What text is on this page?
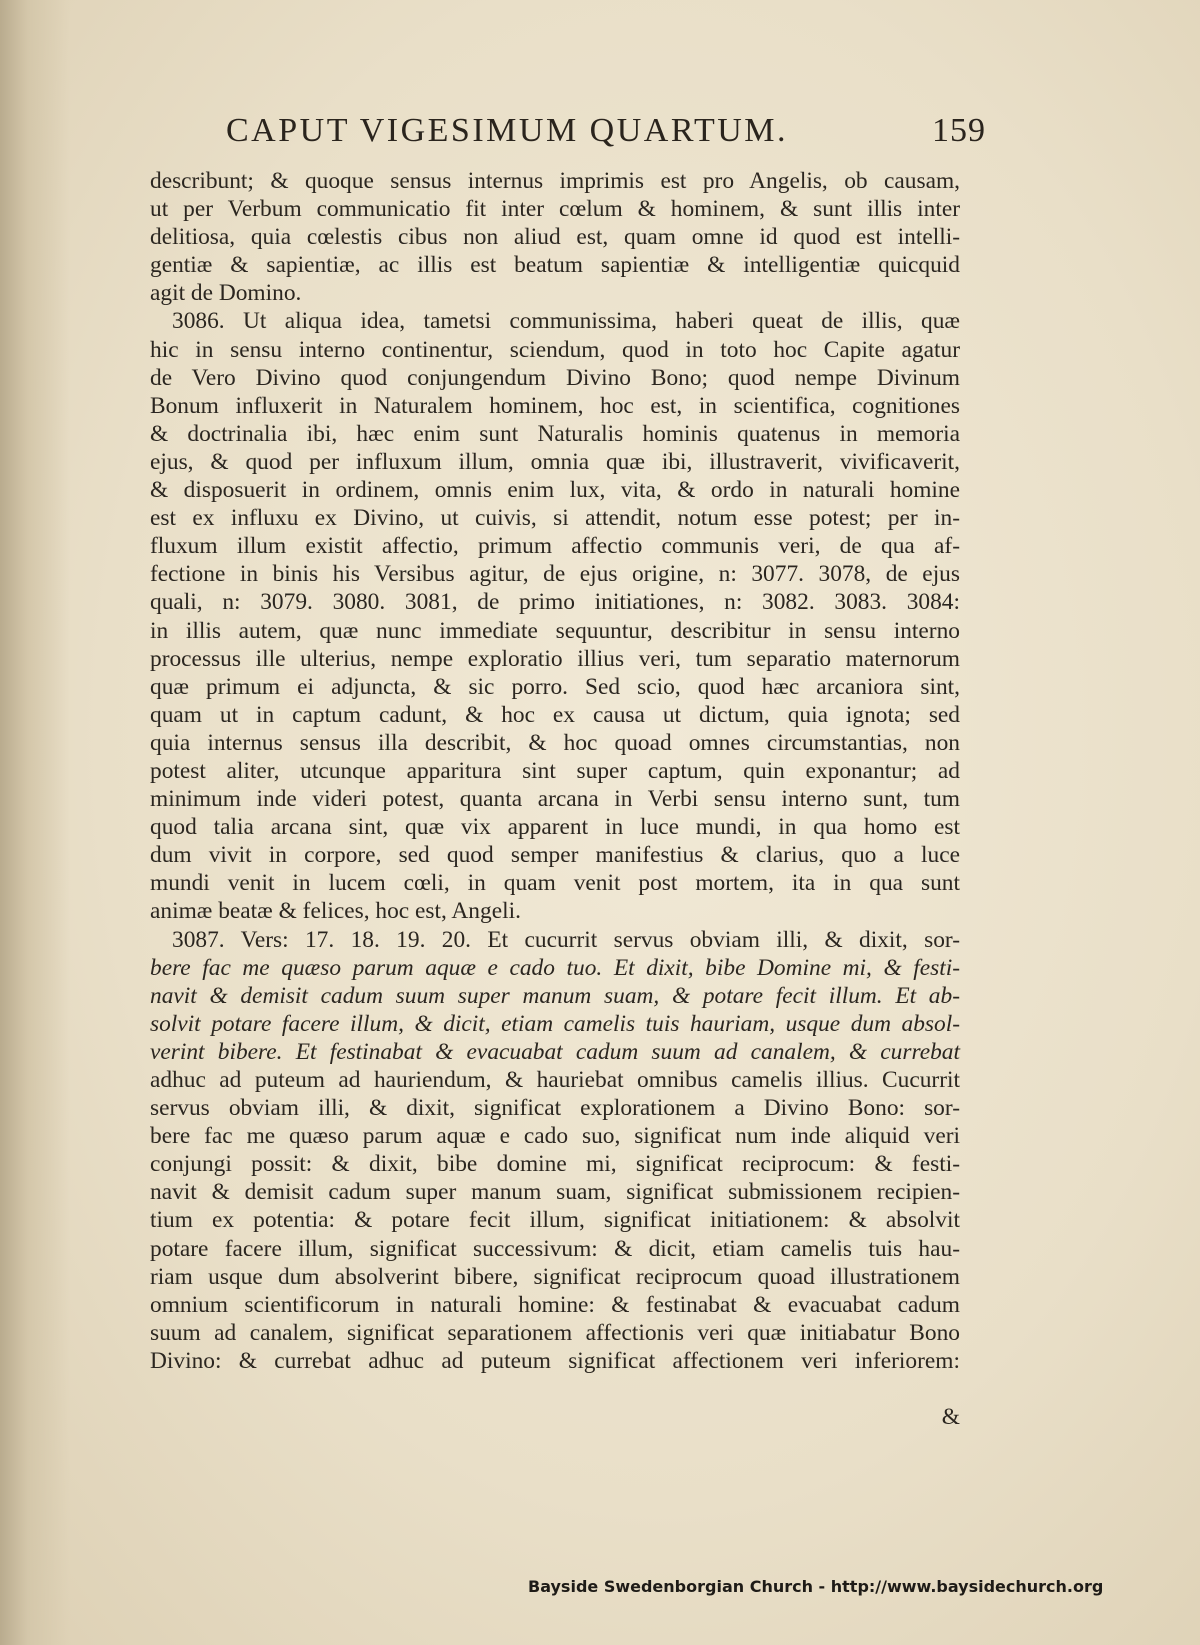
CAPUT VIGESIMUM QUARTUM.	159
describunt; & quoque sensus internus imprimis est pro Angelis, ob causam,
ut per Verbum communicatio fit inter cœlum & hominem, & sunt illis inter
delitiosa, quia cœlestis cibus non aliud est, quam omne id quod est intelli-
gentiæ & sapientiæ, ac illis est beatum sapientiæ & intelligentiæ quicquid
agit de Domino.
3086. Ut aliqua idea, tametsi communissima, haberi queat de illis, quæ
hic in sensu interno continentur, sciendum, quod in toto hoc Capite agatur
de Vero Divino quod conjungendum Divino Bono; quod nempe Divinum
Bonum influxerit in Naturalem hominem, hoc est, in scientifica, cognitiones
& doctrinalia ibi, hæc enim sunt Naturalis hominis quatenus in memoria
ejus, & quod per influxum illum, omnia quæ ibi, illustraverit, vivificaverit,
& disposuerit in ordinem, omnis enim lux, vita, & ordo in naturali homine
est ex influxu ex Divino, ut cuivis, si attendit, notum esse potest; per in-
fluxum illum existit affectio, primum affectio communis veri, de qua af-
fectione in binis his Versibus agitur, de ejus origine, n: 3077. 3078, de ejus
quali, n: 3079. 3080. 3081, de primo initiationes, n: 3082. 3083. 3084:
in illis autem, quæ nunc immediate sequuntur, describitur in sensu interno
processus ille ulterius, nempe exploratio illius veri, tum separatio maternorum
quæ primum ei adjuncta, & sic porro. Sed scio, quod hæc arcaniora sint,
quam ut in captum cadunt, & hoc ex causa ut dictum, quia ignota; sed
quia internus sensus illa describit, & hoc quoad omnes circumstantias, non
potest aliter, utcunque apparitura sint super captum, quin exponantur; ad
minimum inde videri potest, quanta arcana in Verbi sensu interno sunt, tum
quod talia arcana sint, quæ vix apparent in luce mundi, in qua homo est
dum vivit in corpore, sed quod semper manifestius & clarius, quo a luce
mundi venit in lucem cœli, in quam venit post mortem, ita in qua sunt
animæ beatæ & felices, hoc est, Angeli.
3087. Vers: 17. 18. 19. 20. Et cucurrit servus obviam illi, & dixit, sor-
bere fac me quæso parum aquæ e cado tuo. Et dixit, bibe Domine mi, & festi-
navit & demisit cadum suum super manum suam, & potare fecit illum. Et ab-
solvit potare facere illum, & dicit, etiam camelis tuis hauriam, usque dum absol-
verint bibere. Et festinabat & evacuabat cadum suum ad canalem, & currebat
adhuc ad puteum ad hauriendum, & hauriebat omnibus camelis illius. Cucurrit
servus obviam illi, & dixit, significat explorationem a Divino Bono: sor-
bere fac me quæso parum aquæ e cado suo, significat num inde aliquid veri
conjungi possit: & dixit, bibe domine mi, significat reciprocum: & festi-
navit & demisit cadum super manum suam, significat submissionem recipien-
tium ex potentia: & potare fecit illum, significat initiationem: & absolvit
potare facere illum, significat successivum: & dicit, etiam camelis tuis hau-
riam usque dum absolverint bibere, significat reciprocum quoad illustrationem
omnium scientificorum in naturali homine: & festinabat & evacuabat cadum
suum ad canalem, significat separationem affectionis veri quæ initiabatur Bono
Divino: & currebat adhuc ad puteum significat affectionem veri inferiorem:
&
Bayside Swedenborgian Church - http://www.baysidechurch.org
